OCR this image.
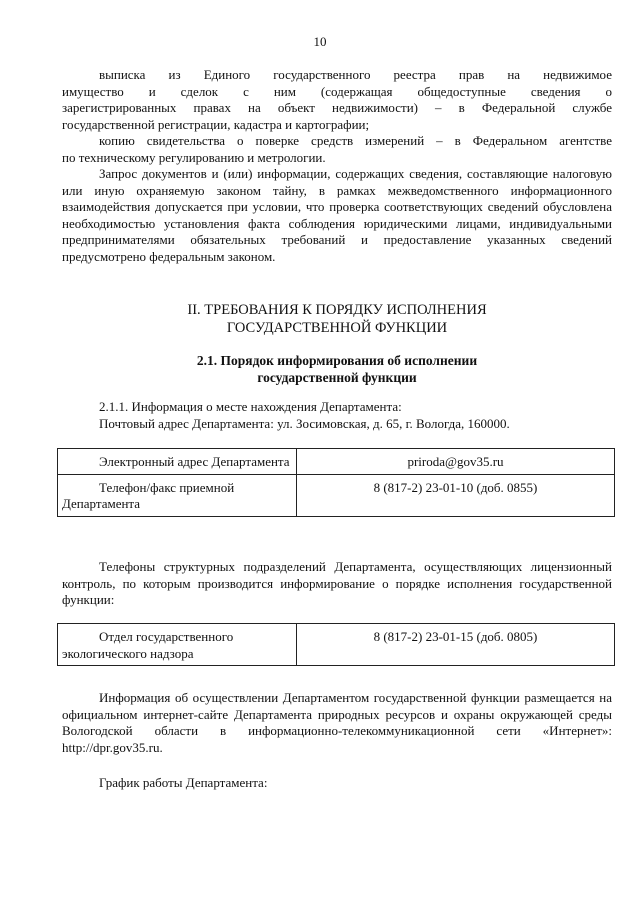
10
выписка из Единого государственного реестра прав на недвижимое
имущество и сделок с ним (содержащая общедоступные сведения о
зарегистрированных правах на объект недвижимости) – в Федеральной службе
государственной регистрации, кадастра и картографии;
копию свидетельства о поверке средств измерений – в Федеральном агентстве
по техническому регулированию и метрологии.
Запрос документов и (или) информации, содержащих сведения, составляющие налоговую или иную охраняемую законом тайну, в рамках межведомственного информационного взаимодействия допускается при условии, что проверка соответствующих сведений обусловлена необходимостью установления факта соблюдения юридическими лицами, индивидуальными предпринимателями обязательных требований и предоставление указанных сведений предусмотрено федеральным законом.
II. ТРЕБОВАНИЯ К ПОРЯДКУ ИСПОЛНЕНИЯ
ГОСУДАРСТВЕННОЙ ФУНКЦИИ
2.1. Порядок информирования об исполнении
государственной функции
2.1.1. Информация о месте нахождения Департамента:
Почтовый адрес Департамента: ул. Зосимовская, д. 65, г. Вологда, 160000.
Электронный адрес Департамента	priroda@gov35.ru
Телефон/факс приемной Департамента	8 (817-2) 23-01-10 (доб. 0855)
Телефоны структурных подразделений Департамента, осуществляющих лицензионный контроль, по которым производится информирование о порядке исполнения государственной функции:
Отдел государственного экологического надзора	8 (817-2) 23-01-15 (доб. 0805)
Информация об осуществлении Департаментом государственной функции размещается на официальном интернет-сайте Департамента природных ресурсов и охраны окружающей среды Вологодской области в информационно-телекоммуникационной сети «Интернет»: http://dpr.gov35.ru.
График работы Департамента:
